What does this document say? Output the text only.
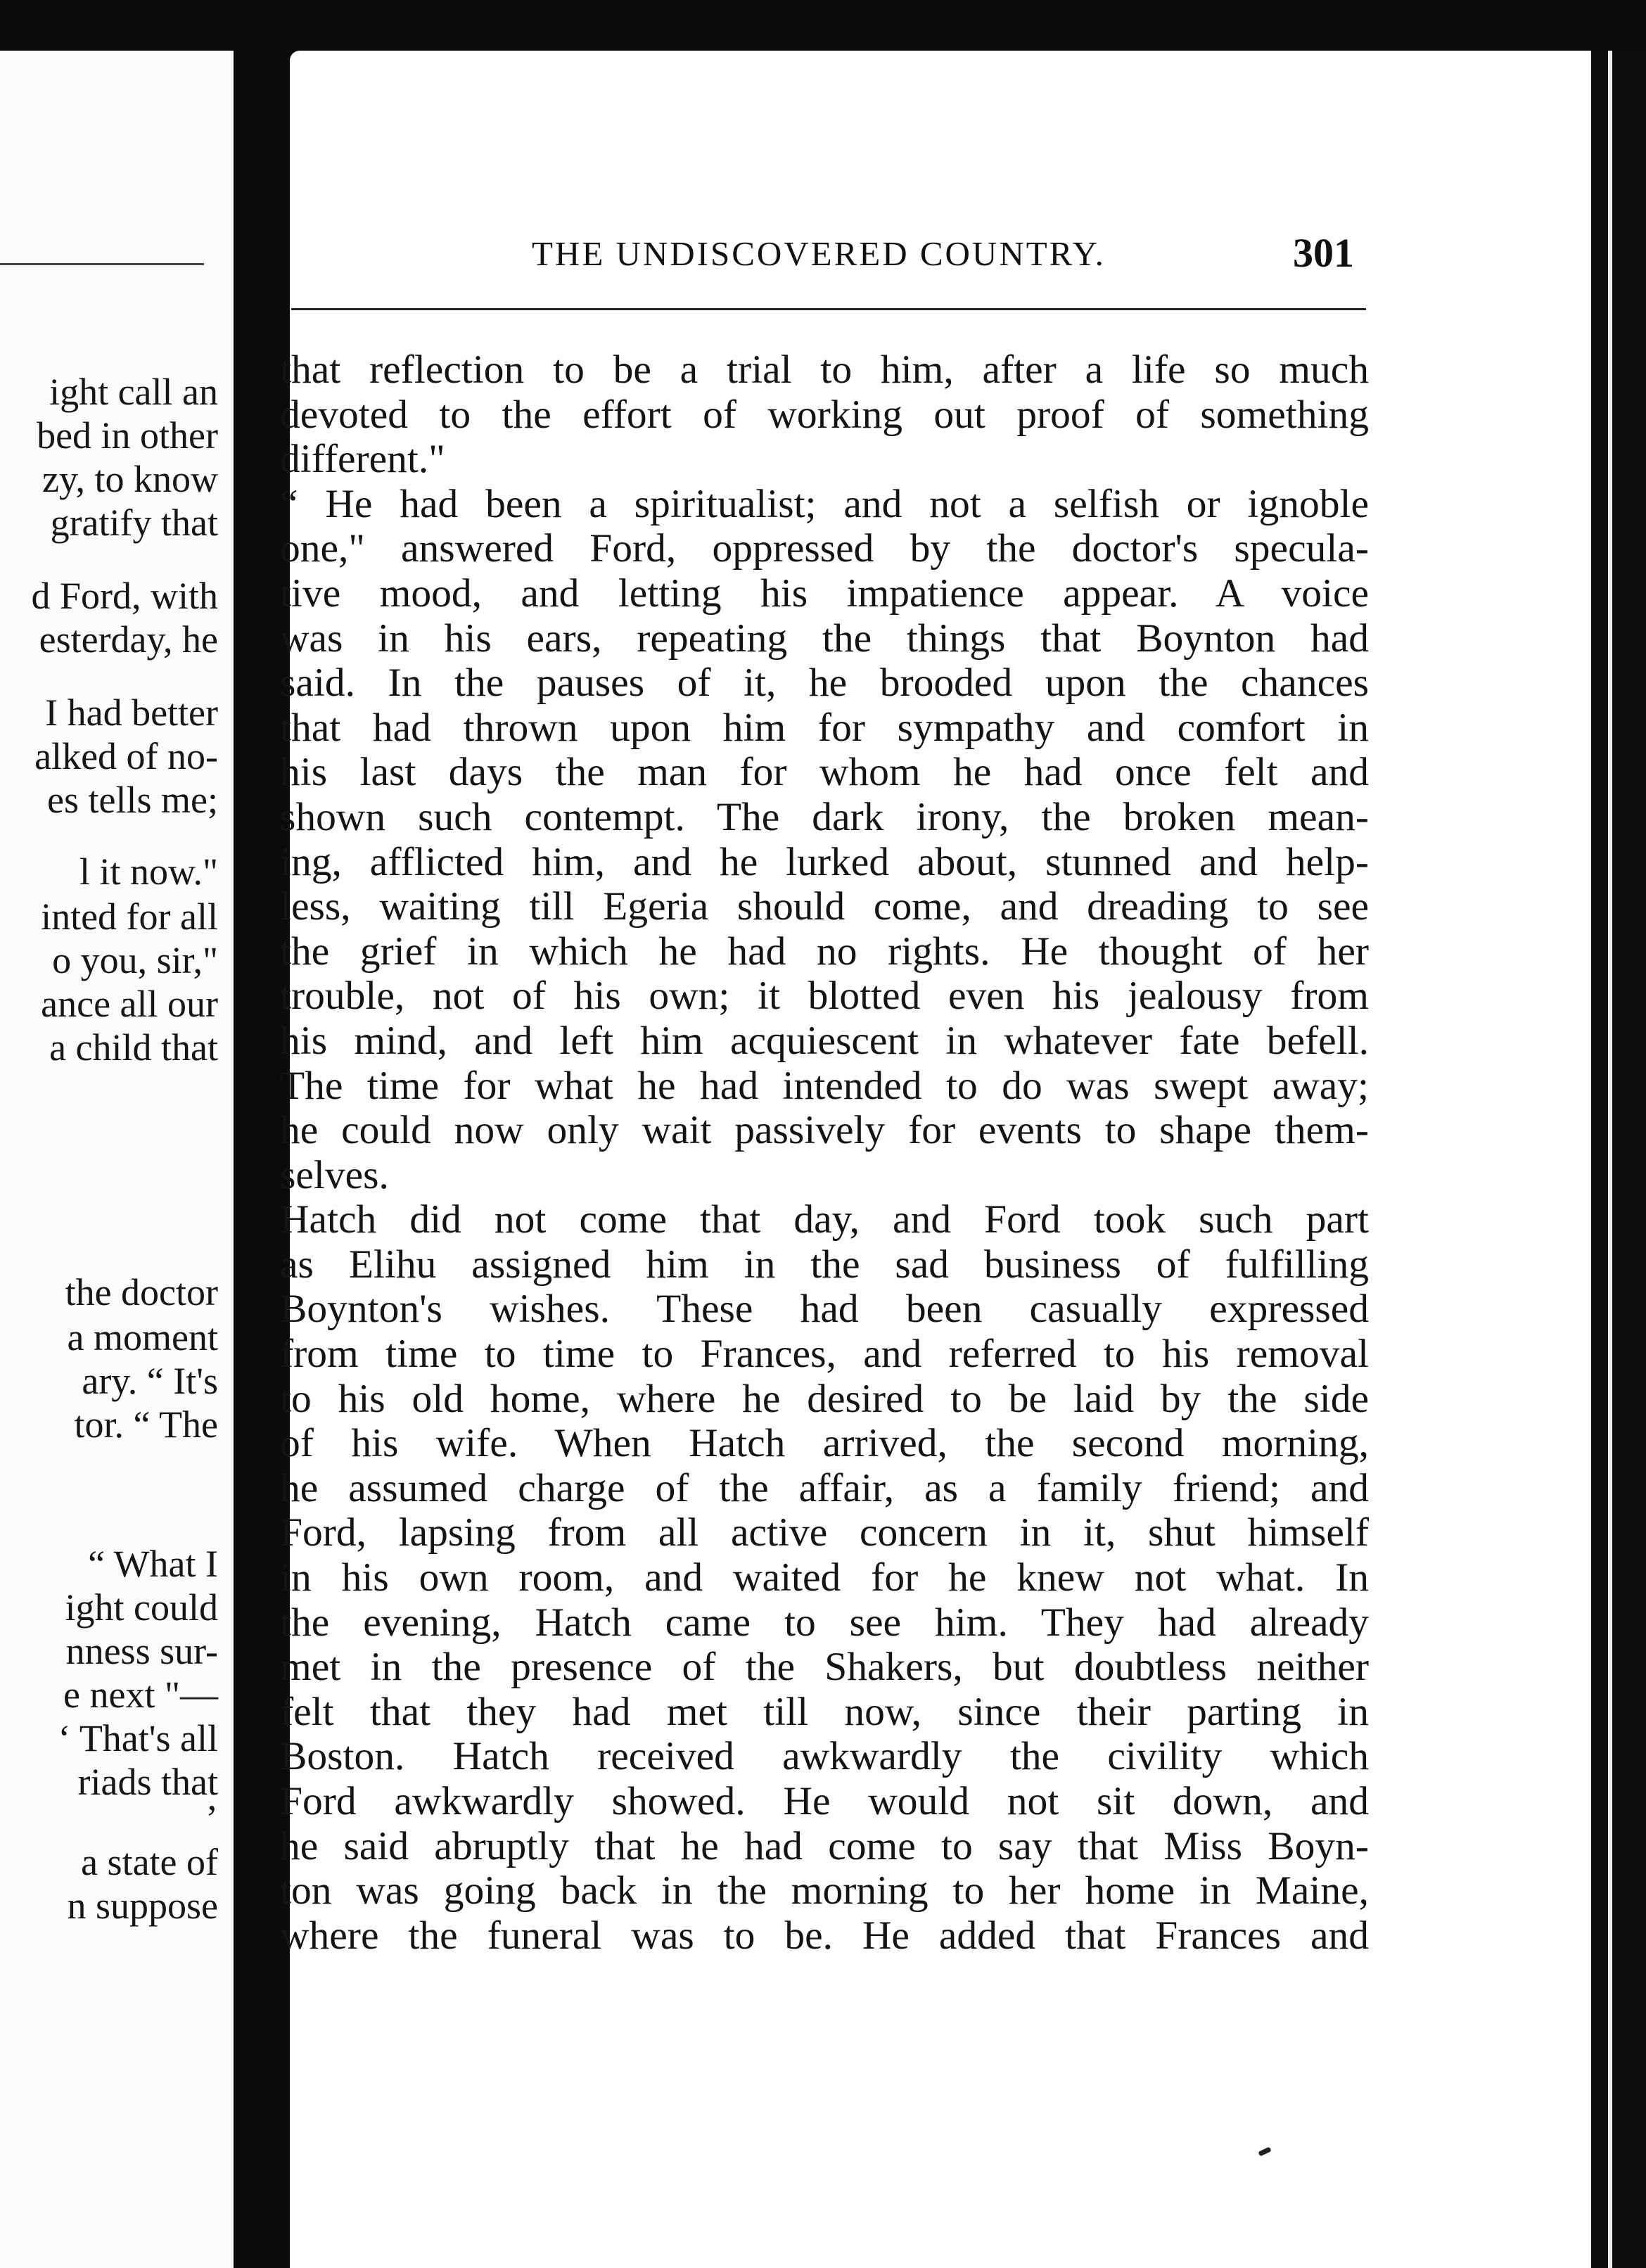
ight call an
bed in other
zy, to know
gratify that
d Ford, with
esterday, he
I had better
alked of no-
es tells me;
l it now."
inted for all
o you, sir,"
ance all our
a child that
the doctor
a moment
ary. “ It's
tor. “ The
“ What I
ight could
nness sur-
e next "—
‘ That's all
riads that
’
a state of
n suppose
THE UNDISCOVERED COUNTRY.	301
that reflection to be a trial to him, after a life so much
devoted to the effort of working out proof of something
different."
“ He had been a spiritualist; and not a selfish or ignoble
one," answered Ford, oppressed by the doctor's specula-
tive mood, and letting his impatience appear. A voice
was in his ears, repeating the things that Boynton had
said. In the pauses of it, he brooded upon the chances
that had thrown upon him for sympathy and comfort in
his last days the man for whom he had once felt and
shown such contempt. The dark irony, the broken mean-
ing, afflicted him, and he lurked about, stunned and help-
less, waiting till Egeria should come, and dreading to see
the grief in which he had no rights. He thought of her
trouble, not of his own; it blotted even his jealousy from
his mind, and left him acquiescent in whatever fate befell.
The time for what he had intended to do was swept away;
he could now only wait passively for events to shape them-
selves.
Hatch did not come that day, and Ford took such part
as Elihu assigned him in the sad business of fulfilling
Boynton's wishes. These had been casually expressed
from time to time to Frances, and referred to his removal
to his old home, where he desired to be laid by the side
of his wife. When Hatch arrived, the second morning,
he assumed charge of the affair, as a family friend; and
Ford, lapsing from all active concern in it, shut himself
in his own room, and waited for he knew not what. In
the evening, Hatch came to see him. They had already
met in the presence of the Shakers, but doubtless neither
felt that they had met till now, since their parting in
Boston. Hatch received awkwardly the civility which
Ford awkwardly showed. He would not sit down, and
he said abruptly that he had come to say that Miss Boyn-
ton was going back in the morning to her home in Maine,
where the funeral was to be. He added that Frances and
